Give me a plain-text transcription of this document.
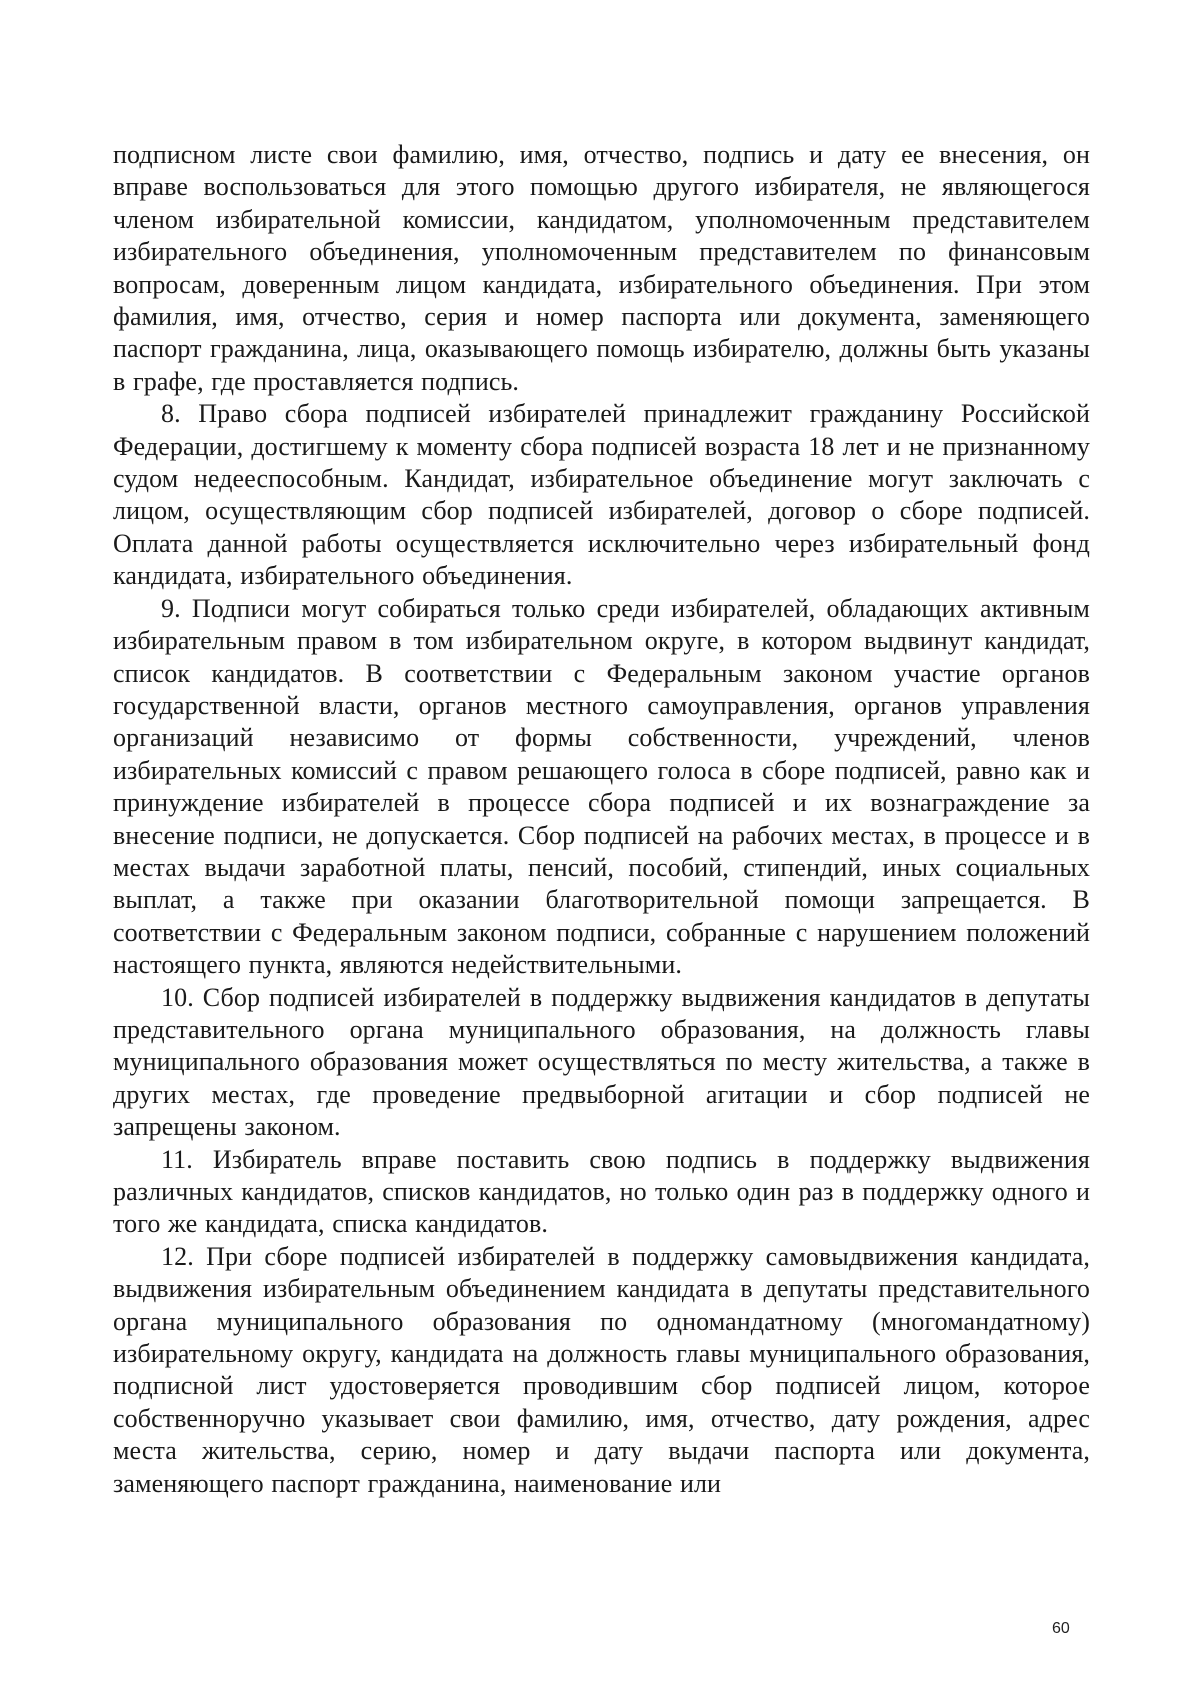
подписном листе свои фамилию, имя, отчество, подпись и дату ее внесения, он вправе воспользоваться для этого помощью другого избирателя, не являющегося членом избирательной комиссии, кандидатом, уполномоченным представителем избирательного объединения, уполномоченным представителем по финансовым вопросам, доверенным лицом кандидата, избирательного объединения. При этом фамилия, имя, отчество, серия и номер паспорта или документа, заменяющего паспорт гражданина, лица, оказывающего помощь избирателю, должны быть указаны в графе, где проставляется подпись.

8. Право сбора подписей избирателей принадлежит гражданину Российской Федерации, достигшему к моменту сбора подписей возраста 18 лет и не признанному судом недееспособным. Кандидат, избирательное объединение могут заключать с лицом, осуществляющим сбор подписей избирателей, договор о сборе подписей. Оплата данной работы осуществляется исключительно через избирательный фонд кандидата, избирательного объединения.

9. Подписи могут собираться только среди избирателей, обладающих активным избирательным правом в том избирательном округе, в котором выдвинут кандидат, список кандидатов. В соответствии с Федеральным законом участие органов государственной власти, органов местного самоуправления, органов управления организаций независимо от формы собственности, учреждений, членов избирательных комиссий с правом решающего голоса в сборе подписей, равно как и принуждение избирателей в процессе сбора подписей и их вознаграждение за внесение подписи, не допускается. Сбор подписей на рабочих местах, в процессе и в местах выдачи заработной платы, пенсий, пособий, стипендий, иных социальных выплат, а также при оказании благотворительной помощи запрещается. В соответствии с Федеральным законом подписи, собранные с нарушением положений настоящего пункта, являются недействительными.

10. Сбор подписей избирателей в поддержку выдвижения кандидатов в депутаты представительного органа муниципального образования, на должность главы муниципального образования может осуществляться по месту жительства, а также в других местах, где проведение предвыборной агитации и сбор подписей не запрещены законом.

11. Избиратель вправе поставить свою подпись в поддержку выдвижения различных кандидатов, списков кандидатов, но только один раз в поддержку одного и того же кандидата, списка кандидатов.

12. При сборе подписей избирателей в поддержку самовыдвижения кандидата, выдвижения избирательным объединением кандидата в депутаты представительного органа муниципального образования по одномандатному (многомандатному) избирательному округу, кандидата на должность главы муниципального образования, подписной лист удостоверяется проводившим сбор подписей лицом, которое собственноручно указывает свои фамилию, имя, отчество, дату рождения, адрес места жительства, серию, номер и дату выдачи паспорта или документа, заменяющего паспорт гражданина, наименование или

60
